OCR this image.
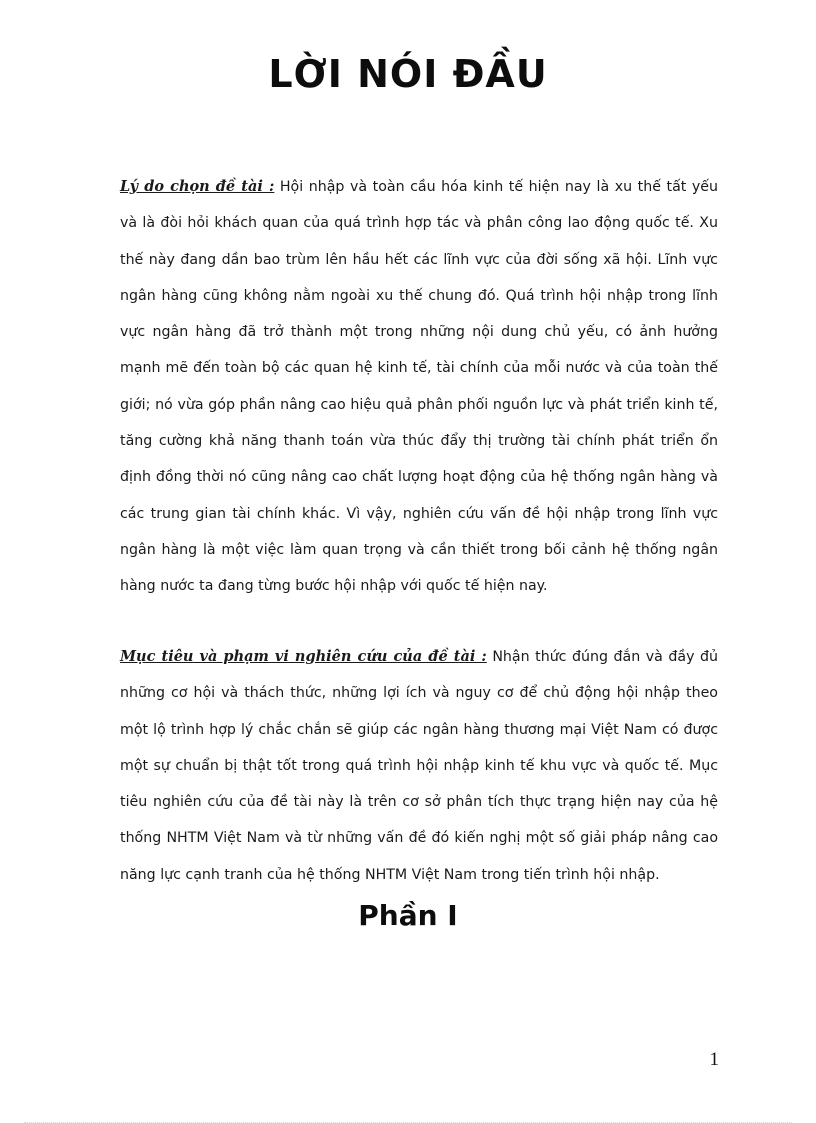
LỜI NÓI ĐẦU

Lý do chọn đề tài : Hội nhập và toàn cầu hóa kinh tế hiện nay là xu thế tất yếu và là đòi hỏi khách quan của quá trình hợp tác và phân công lao động quốc tế. Xu thế này đang dần bao trùm lên hầu hết các lĩnh vực của đời sống xã hội. Lĩnh vực ngân hàng cũng không nằm ngoài xu thế chung đó. Quá trình hội nhập trong lĩnh vực ngân hàng đã trở thành một trong những nội dung chủ yếu, có ảnh hưởng mạnh mẽ đến toàn bộ các quan hệ kinh tế, tài chính của mỗi nước và của toàn thế giới; nó vừa góp phần nâng cao hiệu quả phân phối nguồn lực và phát triển kinh tế, tăng cường khả năng thanh toán vừa thúc đẩy thị trường tài chính phát triển ổn định đồng thời nó cũng nâng cao chất lượng hoạt động của hệ thống ngân hàng và các trung gian tài chính khác. Vì vậy, nghiên cứu vấn đề hội nhập trong lĩnh vực ngân hàng là một việc làm quan trọng và cần thiết trong bối cảnh hệ thống ngân hàng nước ta đang từng bước hội nhập với quốc tế hiện nay.

Mục tiêu và phạm vi nghiên cứu của đề tài : Nhận thức đúng đắn và đầy đủ những cơ hội và thách thức, những lợi ích và nguy cơ để chủ động hội nhập theo một lộ trình hợp lý chắc chắn sẽ giúp các ngân hàng thương mại Việt Nam có được một sự chuẩn bị thật tốt trong quá trình hội nhập kinh tế khu vực và quốc tế. Mục tiêu nghiên cứu của đề tài này là trên cơ sở phân tích thực trạng hiện nay của hệ thống NHTM Việt Nam và từ những vấn đề đó kiến nghị một số giải pháp nâng cao năng lực cạnh tranh của hệ thống NHTM Việt Nam trong tiến trình hội nhập.

Phần I
1
